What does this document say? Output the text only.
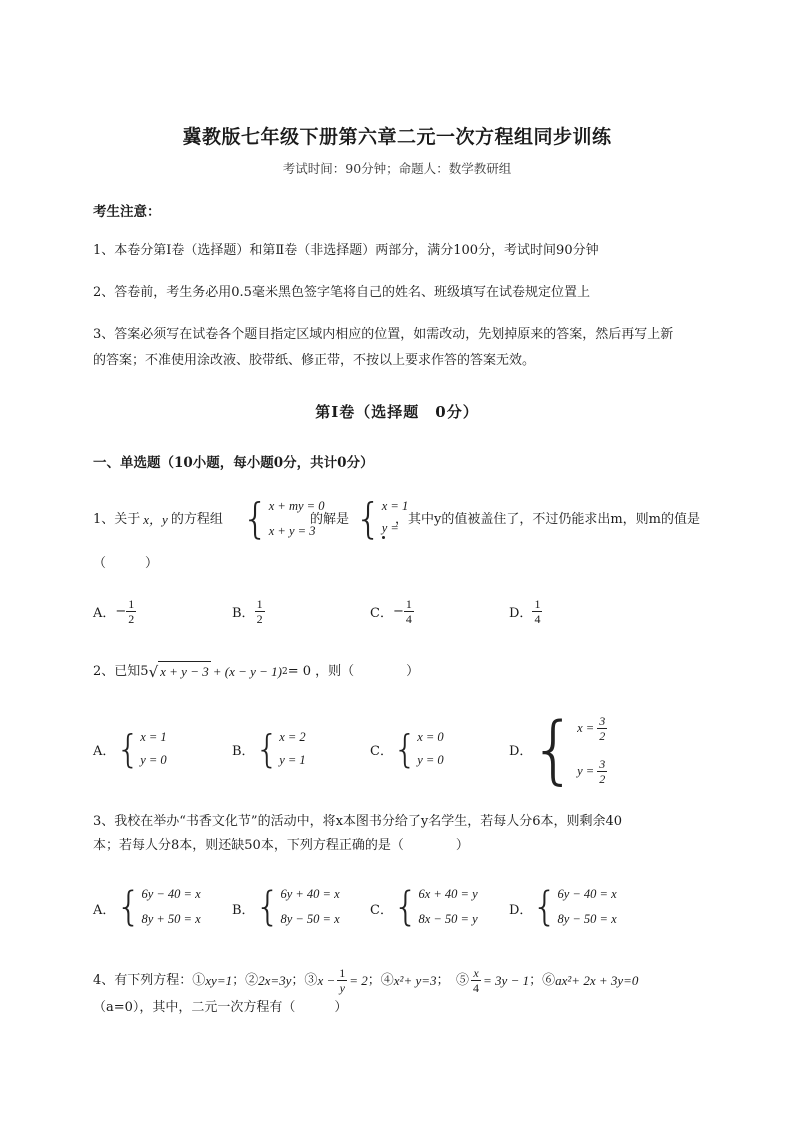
冀教版七年级下册第六章二元一次方程组同步训练
考试时间：90分钟；命题人：数学教研组
考生注意：
1、本卷分第Ⅰ卷（选择题）和第Ⅱ卷（非选择题）两部分，满分100分，考试时间90分钟
2、答卷前，考生务必用0.5毫米黑色签字笔将自己的姓名、班级填写在试卷规定位置上
3、答案必须写在试卷各个题目指定区域内相应的位置，如需改动，先划掉原来的答案，然后再写上新
的答案；不准使用涂改液、胶带纸、修正带，不按以上要求作答的答案无效。
第Ⅰ卷（选择题　0分）
一、单选题（10小题，每小题0分，共计0分）
1、关于 x，y 的方程组 { x + my = 0
x + y = 3
的解是 { x = 1
y =
，其中y的值被盖住了，不过仍能求出m，则m的值是
（　　　）
A． − $\frac{1}{2}$	B． $\frac{1}{2}$	C． − $\frac{1}{4}$	D． $\frac{1}{4}$
2、已知 5 √ x + y − 3 + (x − y − 1) 2 = 0 ，则（　　　　）
A． { x = 1
y = 0
B． { x = 2
y = 1
C． { x = 0
y = 0
D．
{ $x = \frac{3}{2}$
$y = \frac{3}{2}$
3、我校在举办“书香文化节”的活动中，将x本图书分给了y名学生，若每人分6本，则剩余40
本；若每人分8本，则还缺50本，下列方程正确的是（　　　　）
A． { 6y − 40 = x
8y + 50 = x
B． { 6y + 40 = x
8y − 50 = x
C． { 6x + 40 = y
8x − 50 = y
D． { 6y − 40 = x
8y − 50 = x
4、有下列方程：① xy=1 ；② 2x=3y ；③ $x - \frac{1}{y} = 2$ ；④ x²+ y=3 ；　⑤ $\frac{x}{4} = 3y - 1$ ；⑥ ax²+ 2x + 3y=0
（a=0），其中，二元一次方程有（　　　）
